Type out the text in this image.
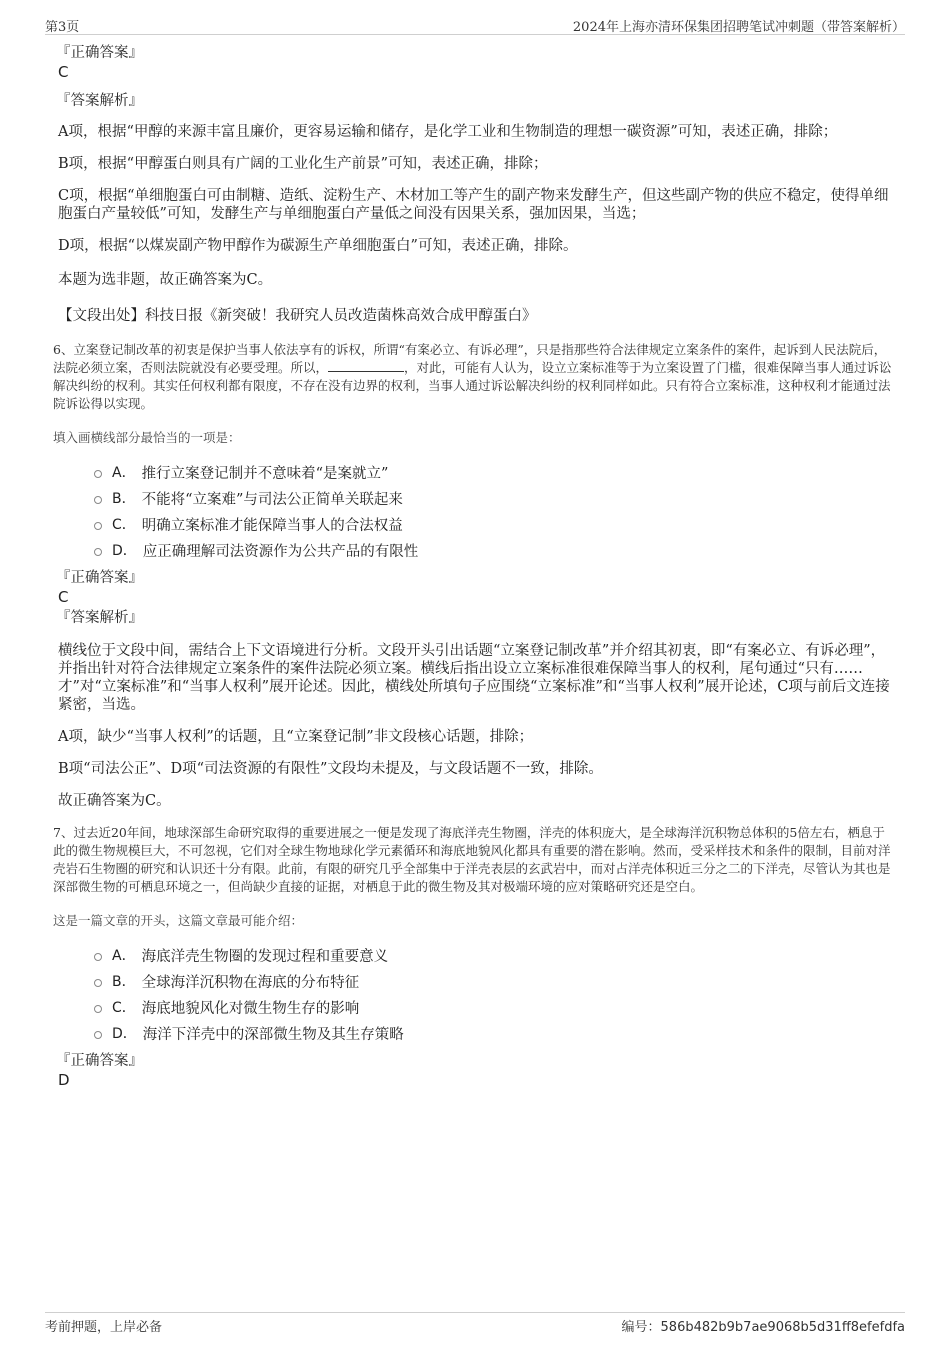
第3页	2024年上海亦清环保集团招聘笔试冲刺题（带答案解析）
『正确答案』
C
『答案解析』
A项，根据“甲醇的来源丰富且廉价，更容易运输和储存，是化学工业和生物制造的理想一碳资源”可知，表述正确，排除；
B项，根据“甲醇蛋白则具有广阔的工业化生产前景”可知，表述正确，排除；
C项，根据“单细胞蛋白可由制糖、造纸、淀粉生产、木材加工等产生的副产物来发酵生产，但这些副产物的供应不稳定，使得单细胞蛋白产量较低”可知，发酵生产与单细胞蛋白产量低之间没有因果关系，强加因果，当选；
D项，根据“以煤炭副产物甲醇作为碳源生产单细胞蛋白”可知，表述正确，排除。
本题为选非题，故正确答案为C。
【文段出处】科技日报《新突破！我研究人员改造菌株高效合成甲醇蛋白》
6、立案登记制改革的初衷是保护当事人依法享有的诉权，所谓“有案必立、有诉必理”，只是指那些符合法律规定立案条件的案件，起诉到人民法院后，法院必须立案，否则法院就没有必要受理。所以，	，对此，可能有人认为，设立立案标准等于为立案设置了门槛，很难保障当事人通过诉讼解决纠纷的权利。其实任何权利都有限度，不存在没有边界的权利，当事人通过诉讼解决纠纷的权利同样如此。只有符合立案标准，这种权利才能通过法院诉讼得以实现。
填入画横线部分最恰当的一项是：
A． 推行立案登记制并不意味着“是案就立”
B． 不能将“立案难”与司法公正简单关联起来
C． 明确立案标准才能保障当事人的合法权益
D． 应正确理解司法资源作为公共产品的有限性
『正确答案』
C
『答案解析』
横线位于文段中间，需结合上下文语境进行分析。文段开头引出话题“立案登记制改革”并介绍其初衷，即“有案必立、有诉必理”，并指出针对符合法律规定立案条件的案件法院必须立案。横线后指出设立立案标准很难保障当事人的权利，尾句通过“只有……才”对“立案标准”和“当事人权利”展开论述。因此，横线处所填句子应围绕“立案标准”和“当事人权利”展开论述，C项与前后文连接紧密，当选。
A项，缺少“当事人权利”的话题，且“立案登记制”非文段核心话题，排除；
B项“司法公正”、D项“司法资源的有限性”文段均未提及，与文段话题不一致，排除。
故正确答案为C。
7、过去近20年间，地球深部生命研究取得的重要进展之一便是发现了海底洋壳生物圈，洋壳的体积庞大，是全球海洋沉积物总体积的5倍左右，栖息于此的微生物规模巨大，不可忽视，它们对全球生物地球化学元素循环和海底地貌风化都具有重要的潜在影响。然而，受采样技术和条件的限制，目前对洋壳岩石生物圈的研究和认识还十分有限。此前，有限的研究几乎全部集中于洋壳表层的玄武岩中，而对占洋壳体积近三分之二的下洋壳，尽管认为其也是深部微生物的可栖息环境之一，但尚缺少直接的证据，对栖息于此的微生物及其对极端环境的应对策略研究还是空白。
这是一篇文章的开头，这篇文章最可能介绍：
A． 海底洋壳生物圈的发现过程和重要意义
B． 全球海洋沉积物在海底的分布特征
C． 海底地貌风化对微生物生存的影响
D． 海洋下洋壳中的深部微生物及其生存策略
『正确答案』
D
考前押题，上岸必备	编号：586b482b9b7ae9068b5d31ff8efefdfa
